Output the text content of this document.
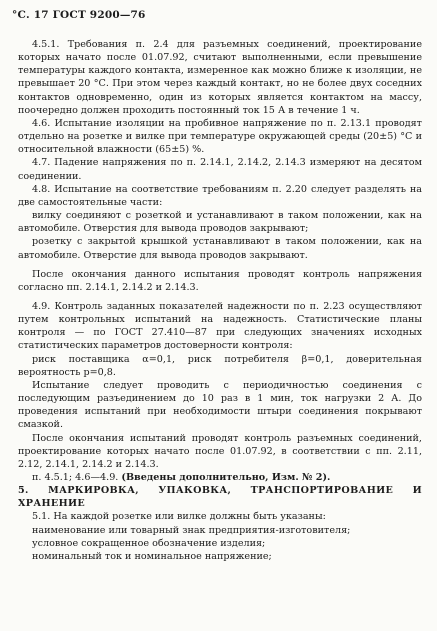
°С. 17 ГОСТ 9200—76

4.5.1. Требования п. 2.4 для разъемных соединений, проектирование которых начато после 01.07.92, считают выполненными, если превышение температуры каждого контакта, измеренное как можно ближе к изоляции, не превышает 20 °С. При этом через каждый контакт, но не более двух соседних контактов одновременно, один из которых является контактом на массу, поочередно должен проходить постоянный ток 15 А в течение 1 ч.

4.6. Испытание изоляции на пробивное напряжение по п. 2.13.1 проводят отдельно на розетке и вилке при температуре окружающей среды (20±5) °С и относительной влажности (65±5) %.

4.7. Падение напряжения по п. 2.14.1, 2.14.2, 2.14.3 измеряют на десятом соединении.

4.8. Испытание на соответствие требованиям п. 2.20 следует разделять на две самостоятельные части:

вилку соединяют с розеткой и устанавливают в таком положении, как на автомобиле. Отверстия для вывода проводов закрывают;

розетку с закрытой крышкой устанавливают в таком положении, как на автомобиле. Отверстие для вывода проводов закрывают.

После окончания данного испытания проводят контроль напряжения согласно пп. 2.14.1, 2.14.2 и 2.14.3.

4.9. Контроль заданных показателей надежности по п. 2.23 осуществляют путем контрольных испытаний на надежность. Статистические планы контроля — по ГОСТ 27.410—87 при следующих значениях исходных статистических параметров достоверности контроля:

риск поставщика α=0,1, риск потребителя β=0,1, доверительная вероятность р=0,8.

Испытание следует проводить с периодичностью соединения с последующим разъединением до 10 раз в 1 мин, ток нагрузки 2 А. До проведения испытаний при необходимости штыри соединения покрывают смазкой.

После окончания испытаний проводят контроль разъемных соединений, проектирование которых начато после 01.07.92, в соответствии с пп. 2.11, 2.12, 2.14.1, 2.14.2 и 2.14.3.

п. 4.5.1; 4.6—4.9. (Введены дополнительно, Изм. № 2).

5. МАРКИРОВКА, УПАКОВКА, ТРАНСПОРТИРОВАНИЕ И ХРАНЕНИЕ

5.1. На каждой розетке или вилке должны быть указаны:

наименование или товарный знак предприятия-изготовителя;

условное сокращенное обозначение изделия;

номинальный ток и номинальное напряжение;
